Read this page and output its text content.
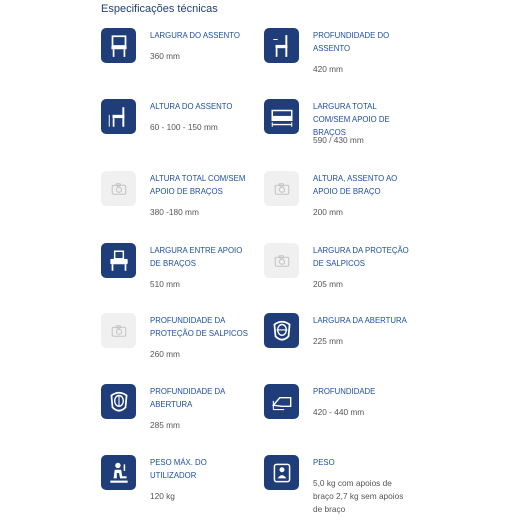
Especificações técnicas
LARGURA DO ASSENTO
360 mm
PROFUNDIDADE DO ASSENTO
420 mm
ALTURA DO ASSENTO
60 - 100 - 150 mm
LARGURA TOTAL COM/SEM APOIO DE BRAÇOS
590 / 430 mm
ALTURA TOTAL COM/SEM APOIO DE BRAÇOS
380 -180 mm
ALTURA, ASSENTO AO APOIO DE BRAÇO
200 mm
LARGURA ENTRE APOIO DE BRAÇOS
510 mm
LARGURA DA PROTEÇÃO DE SALPICOS
205 mm
PROFUNDIDADE DA PROTEÇÃO DE SALPICOS
260 mm
LARGURA DA ABERTURA
225 mm
PROFUNDIDADE DA ABERTURA
285 mm
PROFUNDIDADE
420 - 440 mm
PESO MÁX. DO UTILIZADOR
120 kg
PESO
5,0 kg com apoios de braço 2,7 kg sem apoios de braço
